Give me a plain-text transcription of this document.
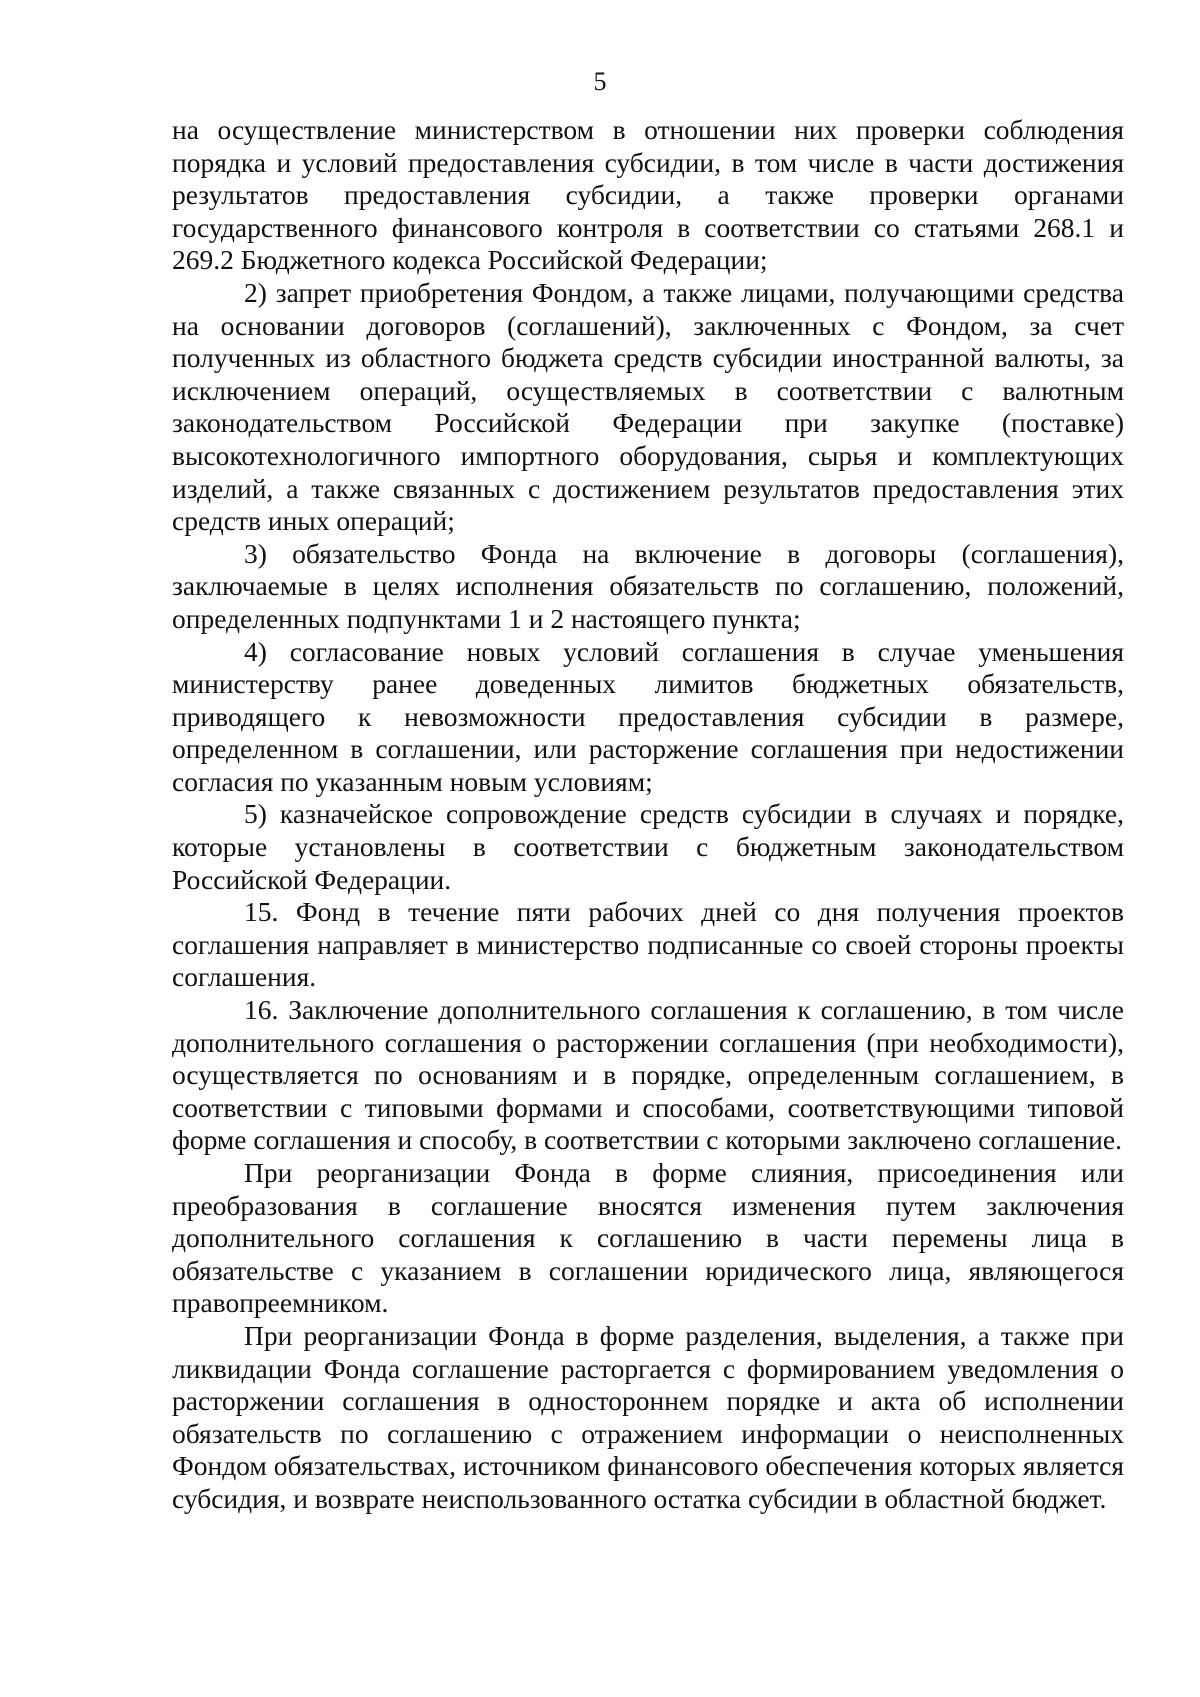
5

на осуществление министерством в отношении них проверки соблюдения порядка и условий предоставления субсидии, в том числе в части достижения результатов предоставления субсидии, а также проверки органами государственного финансового контроля в соответствии со статьями 268.1 и 269.2 Бюджетного кодекса Российской Федерации;

2) запрет приобретения Фондом, а также лицами, получающими средства на основании договоров (соглашений), заключенных с Фондом, за счет полученных из областного бюджета средств субсидии иностранной валюты, за исключением операций, осуществляемых в соответствии с валютным законодательством Российской Федерации при закупке (поставке) высокотехнологичного импортного оборудования, сырья и комплектующих изделий, а также связанных с достижением результатов предоставления этих средств иных операций;

3) обязательство Фонда на включение в договоры (соглашения), заключаемые в целях исполнения обязательств по соглашению, положений, определенных подпунктами 1 и 2 настоящего пункта;

4) согласование новых условий соглашения в случае уменьшения министерству ранее доведенных лимитов бюджетных обязательств, приводящего к невозможности предоставления субсидии в размере, определенном в соглашении, или расторжение соглашения при недостижении согласия по указанным новым условиям;

5) казначейское сопровождение средств субсидии в случаях и порядке, которые установлены в соответствии с бюджетным законодательством Российской Федерации.

15. Фонд в течение пяти рабочих дней со дня получения проектов соглашения направляет в министерство подписанные со своей стороны проекты соглашения.

16. Заключение дополнительного соглашения к соглашению, в том числе дополнительного соглашения о расторжении соглашения (при необходимости), осуществляется по основаниям и в порядке, определенным соглашением, в соответствии с типовыми формами и способами, соответствующими типовой форме соглашения и способу, в соответствии с которыми заключено соглашение.

При реорганизации Фонда в форме слияния, присоединения или преобразования в соглашение вносятся изменения путем заключения дополнительного соглашения к соглашению в части перемены лица в обязательстве с указанием в соглашении юридического лица, являющегося правопреемником.

При реорганизации Фонда в форме разделения, выделения, а также при ликвидации Фонда соглашение расторгается с формированием уведомления о расторжении соглашения в одностороннем порядке и акта об исполнении обязательств по соглашению с отражением информации о неисполненных Фондом обязательствах, источником финансового обеспечения которых является субсидия, и возврате неиспользованного остатка субсидии в областной бюджет.
